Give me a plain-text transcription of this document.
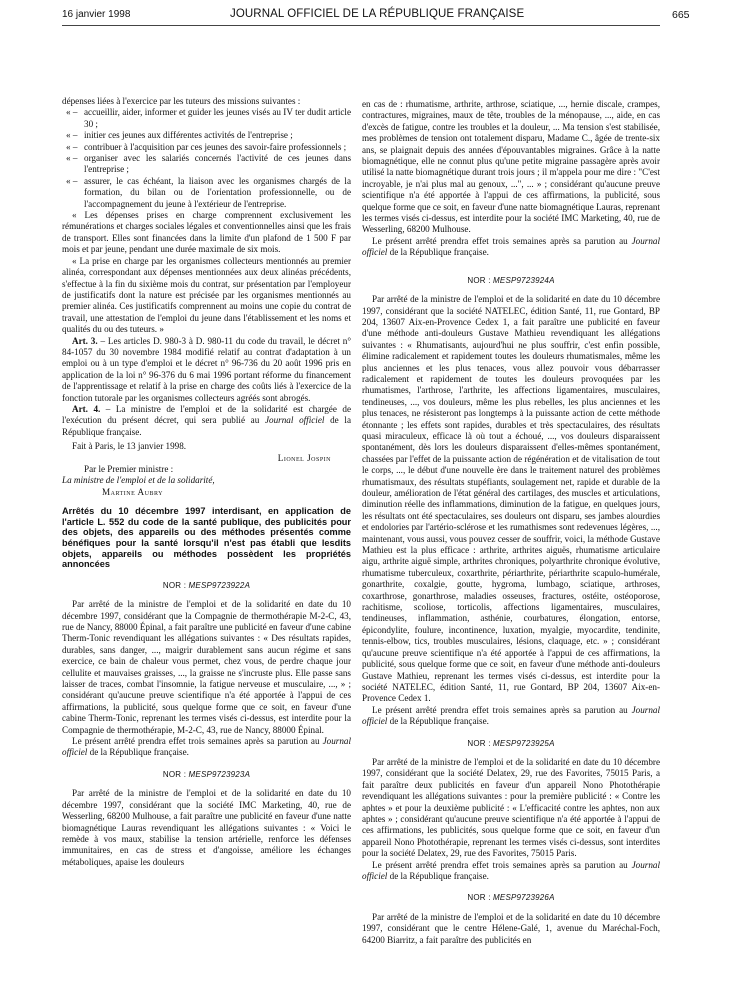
16 janvier 1998	JOURNAL OFFICIEL DE LA RÉPUBLIQUE FRANÇAISE	665

dépenses liées à l'exercice par les tuteurs des missions suivantes :

« – accueillir, aider, informer et guider les jeunes visés au IV ter dudit article 30 ;
« – initier ces jeunes aux différentes activités de l'entreprise ;
« – contribuer à l'acquisition par ces jeunes des savoir-faire professionnels ;
« – organiser avec les salariés concernés l'activité de ces jeunes dans l'entreprise ;
« – assurer, le cas échéant, la liaison avec les organismes chargés de la formation, du bilan ou de l'orientation professionnelle, ou de l'accompagnement du jeune à l'extérieur de l'entreprise.

« Les dépenses prises en charge comprennent exclusivement les rémunérations et charges sociales légales et conventionnelles ainsi que les frais de transport. Elles sont financées dans la limite d'un plafond de 1 500 F par mois et par jeune, pendant une durée maximale de six mois.

« La prise en charge par les organismes collecteurs mentionnés au premier alinéa, correspondant aux dépenses mentionnées aux deux alinéas précédents, s'effectue à la fin du sixième mois du contrat, sur présentation par l'employeur de justificatifs dont la nature est précisée par les organismes mentionnés au premier alinéa. Ces justificatifs comprennent au moins une copie du contrat de travail, une attestation de l'emploi du jeune dans l'établissement et les noms et qualités du ou des tuteurs. »

Art. 3. – Les articles D. 980-3 à D. 980-11 du code du travail, le décret n° 84-1057 du 30 novembre 1984 modifié relatif au contrat d'adaptation à un emploi ou à un type d'emploi et le décret n° 96-736 du 20 août 1996 pris en application de la loi n° 96-376 du 6 mai 1996 portant réforme du financement de l'apprentissage et relatif à la prise en charge des coûts liés à l'exercice de la fonction tutorale par les organismes collecteurs agréés sont abrogés.

Art. 4. – La ministre de l'emploi et de la solidarité est chargée de l'exécution du présent décret, qui sera publié au Journal officiel de la République française.

Fait à Paris, le 13 janvier 1998.

Lionel Jospin

Par le Premier ministre :

La ministre de l'emploi et de la solidarité,

Martine Aubry

Arrêtés du 10 décembre 1997 interdisant, en application de l'article L. 552 du code de la santé publique, des publicités pour des objets, des appareils ou des méthodes présentés comme bénéfiques pour la santé lorsqu'il n'est pas établi que lesdits objets, appareils ou méthodes possèdent les propriétés annoncées
NOR : MESP9723922A

Par arrêté de la ministre de l'emploi et de la solidarité en date du 10 décembre 1997, considérant que la Compagnie de thermothérapie M-2-C, 43, rue de Nancy, 88000 Épinal, a fait paraître une publicité en faveur d'une cabine Therm-Tonic revendiquant les allégations suivantes : « Des résultats rapides, durables, sans danger, ..., maigrir durablement sans aucun régime et sans exercice, ce bain de chaleur vous permet, chez vous, de perdre chaque jour cellulite et mauvaises graisses, ..., la graisse ne s'incruste plus. Elle passe sans laisser de traces, combat l'insomnie, la fatigue nerveuse et musculaire, ..., » ; considérant qu'aucune preuve scientifique n'a été apportée à l'appui de ces affirmations, la publicité, sous quelque forme que ce soit, en faveur d'une cabine Therm-Tonic, reprenant les termes visés ci-dessus, est interdite pour la Compagnie de thermothérapie, M-2-C, 43, rue de Nancy, 88000 Épinal.

Le présent arrêté prendra effet trois semaines après sa parution au Journal officiel de la République française.

NOR : MESP9723923A

Par arrêté de la ministre de l'emploi et de la solidarité en date du 10 décembre 1997, considérant que la société IMC Marketing, 40, rue de Wesserling, 68200 Mulhouse, a fait paraître une publicité en faveur d'une natte biomagnétique Lauras revendiquant les allégations suivantes : « Voici le remède à vos maux, stabilise la tension artérielle, renforce les défenses immunitaires, en cas de stress et d'angoisse, améliore les échanges métaboliques, apaise les douleurs

en cas de : rhumatisme, arthrite, arthrose, sciatique, ..., hernie discale, crampes, contractures, migraines, maux de tête, troubles de la ménopause, ..., aide, en cas d'excès de fatigue, contre les troubles et la douleur, ... Ma tension s'est stabilisée, mes problèmes de tension ont totalement disparu, Madame C., âgée de trente-six ans, se plaignait depuis des années d'épouvantables migraines. Grâce à la natte biomagnétique, elle ne connut plus qu'une petite migraine passagère après avoir utilisé la natte biomagnétique durant trois jours ; il m'appela pour me dire : "C'est incroyable, je n'ai plus mal au genoux, ...", ... » ; considérant qu'aucune preuve scientifique n'a été apportée à l'appui de ces affirmations, la publicité, sous quelque forme que ce soit, en faveur d'une natte biomagnétique Lauras, reprenant les termes visés ci-dessus, est interdite pour la société IMC Marketing, 40, rue de Wesserling, 68200 Mulhouse.

Le présent arrêté prendra effet trois semaines après sa parution au Journal officiel de la République française.

NOR : MESP9723924A

Par arrêté de la ministre de l'emploi et de la solidarité en date du 10 décembre 1997, considérant que la société NATELEC, édition Santé, 11, rue Gontard, BP 204, 13607 Aix-en-Provence Cedex 1, a fait paraître une publicité en faveur d'une méthode anti-douleurs Gustave Mathieu revendiquant les allégations suivantes : « Rhumatisants, aujourd'hui ne plus souffrir, c'est enfin possible, élimine radicalement et rapidement toutes les douleurs rhumatismales, même les plus anciennes et les plus tenaces, vous allez pouvoir vous débarrasser radicalement et rapidement de toutes les douleurs provoquées par les rhumatismes, l'arthrose, l'arthrite, les affections ligamentaires, musculaires, tendineuses, ..., vos douleurs, même les plus rebelles, les plus anciennes et les plus tenaces, ne résisteront pas longtemps à la puissante action de cette méthode étonnante ; les effets sont rapides, durables et très spectaculaires, des résultats quasi miraculeux, efficace là où tout a échoué, ..., vos douleurs disparaissent spontanément, dès lors les douleurs disparaissent d'elles-mêmes spontanément, chassées par l'effet de la puissante action de régénération et de vitalisation de tout le corps, ..., le début d'une nouvelle ère dans le traitement naturel des problèmes rhumatismaux, des résultats stupéfiants, soulagement net, rapide et durable de la douleur, amélioration de l'état général des cartilages, des muscles et articulations, diminution réelle des inflammations, diminution de la fatigue, en quelques jours, les résultats ont été spectaculaires, ses douleurs ont disparu, ses jambes alourdies et endolories par l'artério-sclérose et les rumathismes sont redevenues légères, ..., maintenant, vous aussi, vous pouvez cesser de souffrir, voici, la méthode Gustave Mathieu est la plus efficace : arthrite, arthrites aiguës, rhumatisme articulaire aigu, arthrite aiguë simple, arthrites chroniques, polyarthrite chronique évolutive, rhumatisme tuberculeux, coxarthrite, périarthrite, périarthrite scapulo-humérale, gonarthrite, coxalgie, goutte, hygroma, lumbago, sciatique, arthroses, coxarthrose, gonarthrose, maladies osseuses, fractures, ostéite, ostéoporose, rachitisme, scoliose, torticolis, affections ligamentaires, musculaires, tendineuses, inflammation, asthénie, courbatures, élongation, entorse, épicondylite, foulure, incontinence, luxation, myalgie, myocardite, tendinite, tennis-elbow, tics, troubles musculaires, lésions, claquage, etc. » ; considérant qu'aucune preuve scientifique n'a été apportée à l'appui de ces affirmations, la publicité, sous quelque forme que ce soit, en faveur d'une méthode anti-douleurs Gustave Mathieu, reprenant les termes visés ci-dessus, est interdite pour la société NATELEC, édition Santé, 11, rue Gontard, BP 204, 13607 Aix-en-Provence Cedex 1.

Le présent arrêté prendra effet trois semaines après sa parution au Journal officiel de la République française.

NOR : MESP9723925A

Par arrêté de la ministre de l'emploi et de la solidarité en date du 10 décembre 1997, considérant que la société Delatex, 29, rue des Favorites, 75015 Paris, a fait paraître deux publicités en faveur d'un appareil Nono Photothérapie revendiquant les allégations suivantes : pour la première publicité : « Contre les aphtes » et pour la deuxième publicité : « L'efficacité contre les aphtes, non aux aphtes » ; considérant qu'aucune preuve scientifique n'a été apportée à l'appui de ces affirmations, les publicités, sous quelque forme que ce soit, en faveur d'un appareil Nono Photothérapie, reprenant les termes visés ci-dessus, sont interdites pour la société Delatex, 29, rue des Favorites, 75015 Paris.

Le présent arrêté prendra effet trois semaines après sa parution au Journal officiel de la République française.

NOR : MESP9723926A

Par arrêté de la ministre de l'emploi et de la solidarité en date du 10 décembre 1997, considérant que le centre Hélene-Galé, 1, avenue du Maréchal-Foch, 64200 Biarritz, a fait paraître des publicités en
